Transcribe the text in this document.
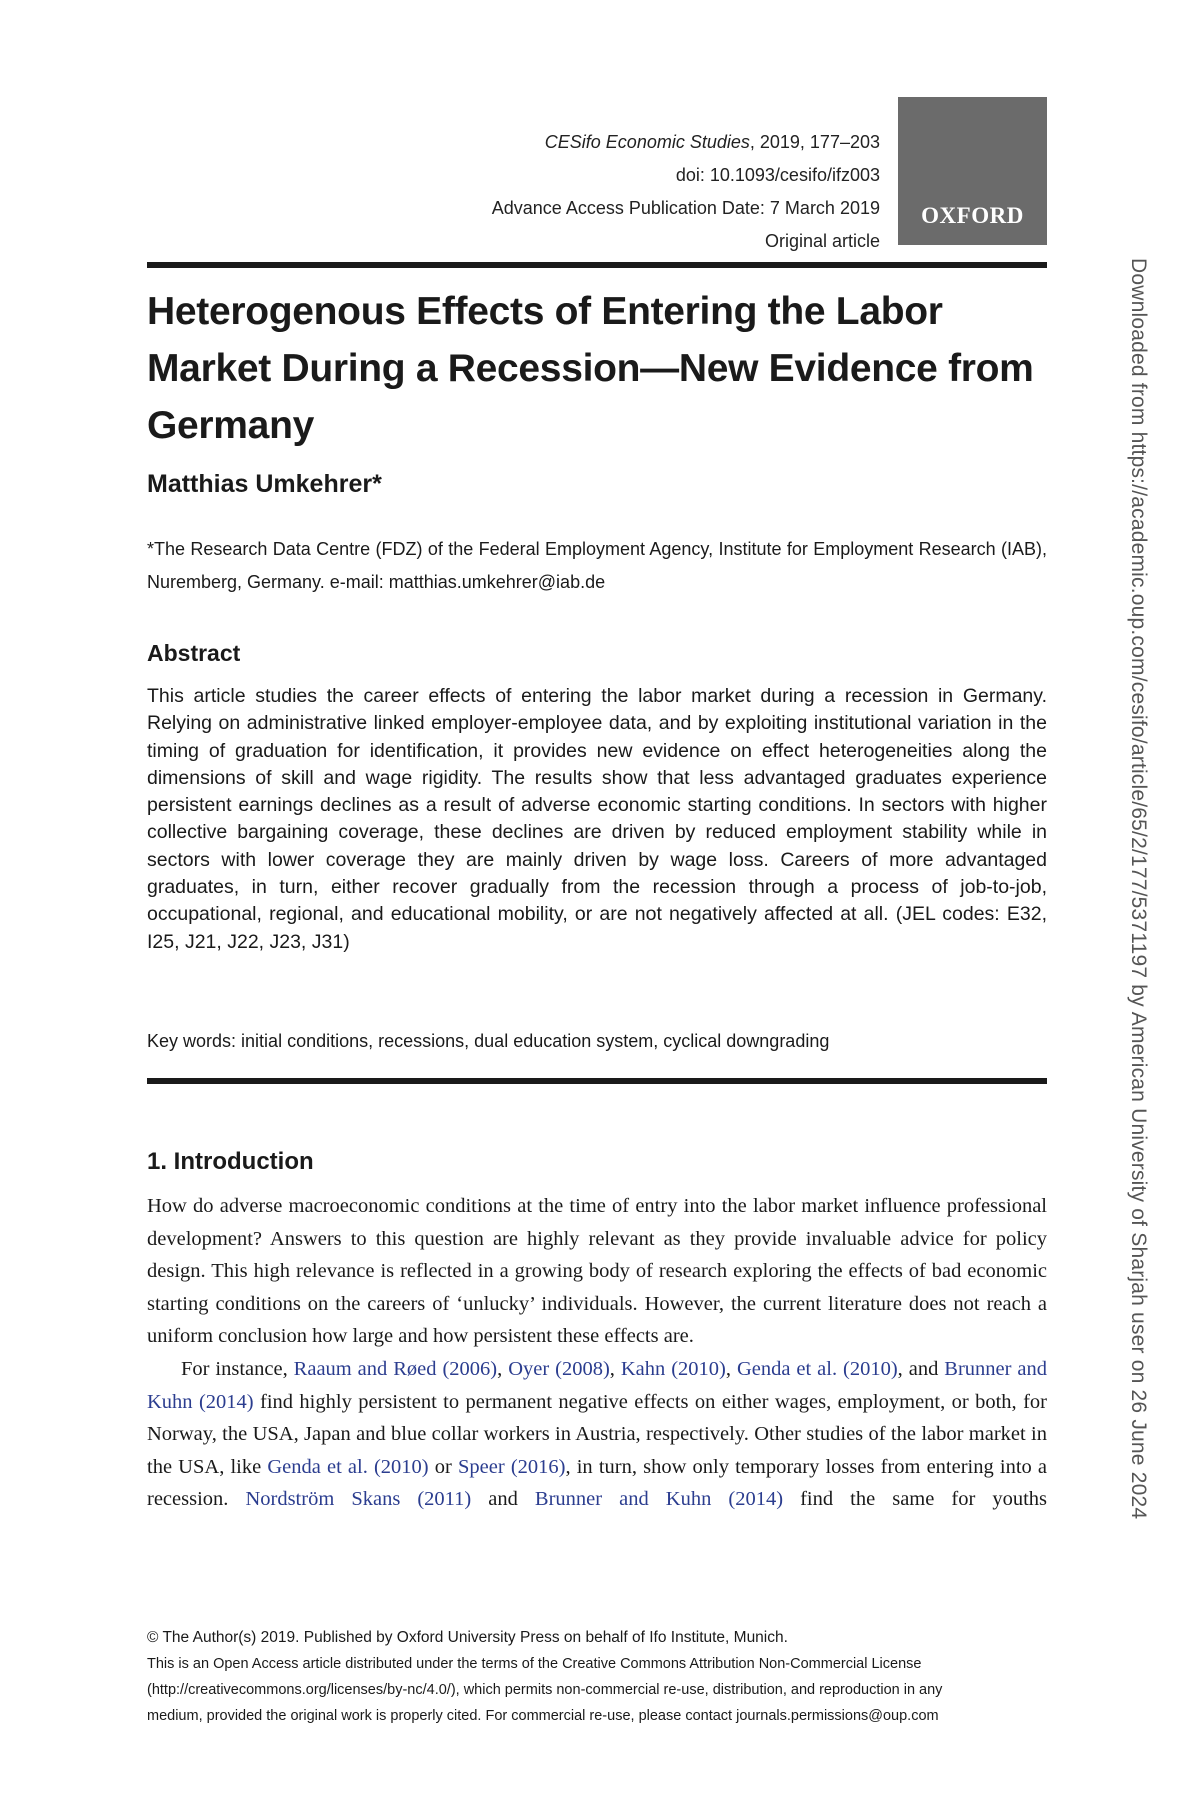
CESifo Economic Studies, 2019, 177–203
doi: 10.1093/cesifo/ifz003
Advance Access Publication Date: 7 March 2019
Original article
OXFORD
Heterogenous Effects of Entering the Labor Market During a Recession—New Evidence from Germany
Matthias Umkehrer*

*The Research Data Centre (FDZ) of the Federal Employment Agency, Institute for Employment Research (IAB), Nuremberg, Germany. e-mail: matthias.umkehrer@iab.de

Abstract

This article studies the career effects of entering the labor market during a recession in Germany. Relying on administrative linked employer-employee data, and by exploiting institutional variation in the timing of graduation for identification, it provides new evidence on effect heterogeneities along the dimensions of skill and wage rigidity. The results show that less advantaged graduates experience persistent earnings declines as a result of adverse economic starting conditions. In sectors with higher collective bargaining coverage, these declines are driven by reduced employment stability while in sectors with lower coverage they are mainly driven by wage loss. Careers of more advantaged graduates, in turn, either recover gradually from the recession through a process of job-to-job, occupational, regional, and educational mobility, or are not negatively affected at all. (JEL codes: E32, I25, J21, J22, J23, J31)

Key words: initial conditions, recessions, dual education system, cyclical downgrading

1. Introduction

How do adverse macroeconomic conditions at the time of entry into the labor market influence professional development? Answers to this question are highly relevant as they provide invaluable advice for policy design. This high relevance is reflected in a growing body of research exploring the effects of bad economic starting conditions on the careers of ‘unlucky’ individuals. However, the current literature does not reach a uniform conclusion how large and how persistent these effects are.

For instance, Raaum and Røed (2006), Oyer (2008), Kahn (2010), Genda et al. (2010), and Brunner and Kuhn (2014) find highly persistent to permanent negative effects on either wages, employment, or both, for Norway, the USA, Japan and blue collar workers in Austria, respectively. Other studies of the labor market in the USA, like Genda et al. (2010) or Speer (2016), in turn, show only temporary losses from entering into a recession. Nordström Skans (2011) and Brunner and Kuhn (2014) find the same for youths

© The Author(s) 2019. Published by Oxford University Press on behalf of Ifo Institute, Munich.
This is an Open Access article distributed under the terms of the Creative Commons Attribution Non-Commercial License
(http://creativecommons.org/licenses/by-nc/4.0/), which permits non-commercial re-use, distribution, and reproduction in any
medium, provided the original work is properly cited. For commercial re-use, please contact journals.permissions@oup.com
Downloaded from https://academic.oup.com/cesifo/article/65/2/177/5371197 by American University of Sharjah user on 26 June 2024
